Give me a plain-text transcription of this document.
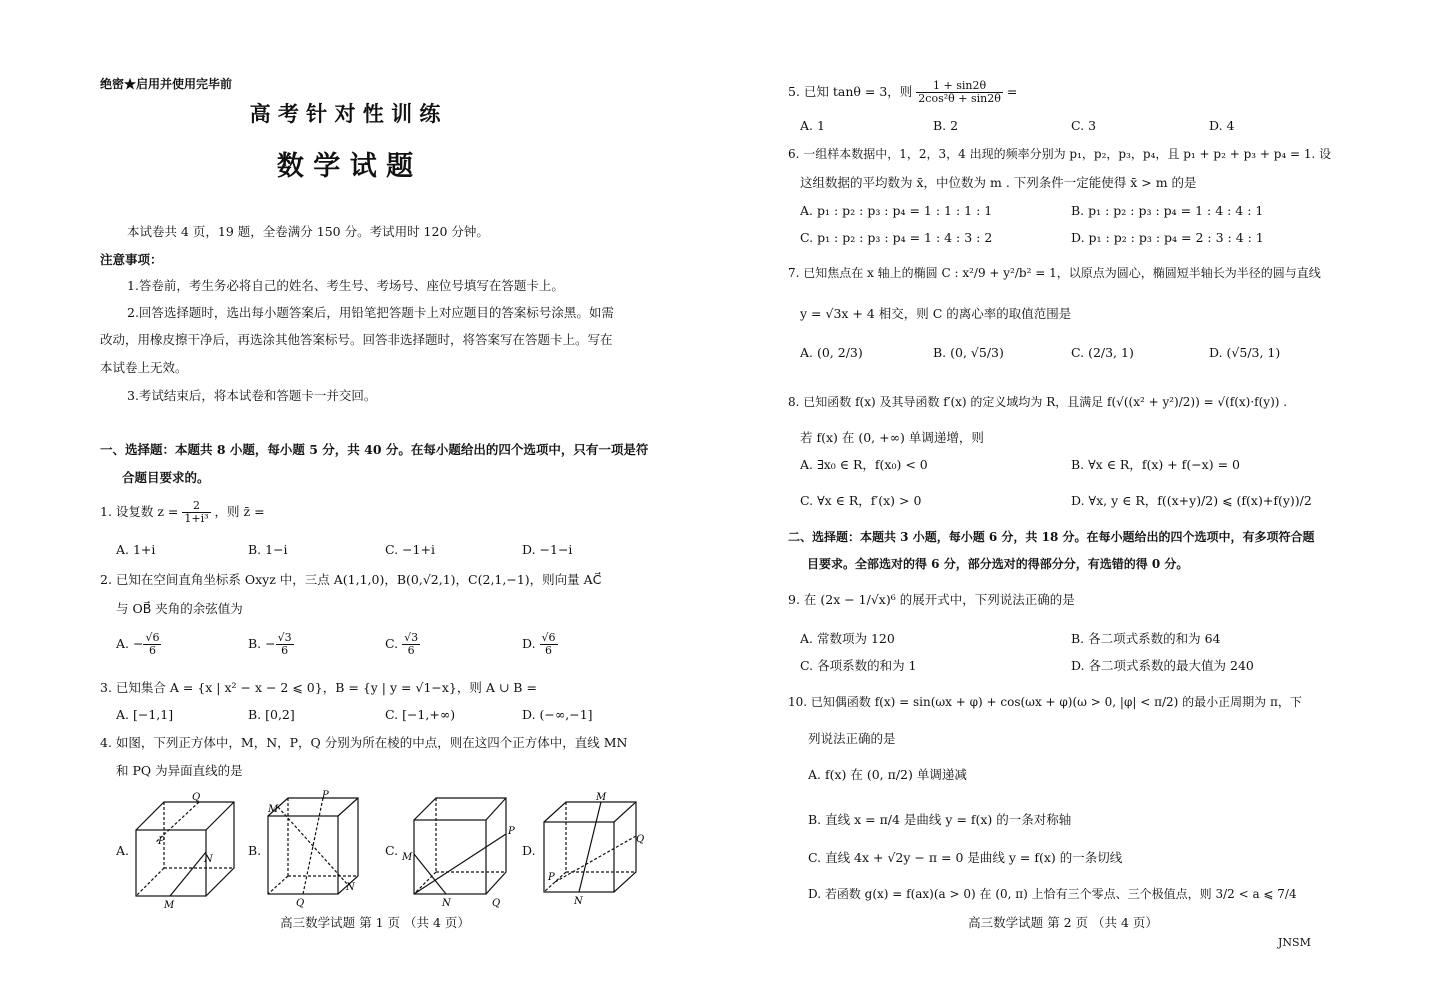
绝密★启用并使用完毕前
高 考 针 对 性 训 练
数 学 试 题
本试卷共 4 页，19 题，全卷满分 150 分。考试用时 120 分钟。
注意事项：
1.答卷前，考生务必将自己的姓名、考生号、考场号、座位号填写在答题卡上。
2.回答选择题时，选出每小题答案后，用铅笔把答题卡上对应题目的答案标号涂黑。如需
改动，用橡皮擦干净后，再选涂其他答案标号。回答非选择题时，将答案写在答题卡上。写在
本试卷上无效。
3.考试结束后，将本试卷和答题卡一并交回。
一、选择题：本题共 8 小题，每小题 5 分，共 40 分。在每小题给出的四个选项中，只有一项是符
合题目要求的。
1. 设复数 $z = \frac{2}{\text{1+i³}}$ ，则 z̄ =
A. 1+i	B. 1−i	C. −1+i	D. −1−i
2. 已知在空间直角坐标系 Oxyz 中，三点 A(1,1,0)，B(0,√2,1)，C(2,1,−1)，则向量 AC⃗
与 OB⃗ 夹角的余弦值为
A. − $\frac{√6}{6}$	B. − $\frac{√3}{6}$	C. $\frac{√3}{6}$	D. $\frac{√6}{6}$
3. 已知集合 A = {x | x² − x − 2 ⩽ 0}，B = {y | y = √1−x}，则 A ∪ B =
A. [−1,1]	B. [0,2]	C. [−1,+∞)	D. (−∞,−1]
4. 如图，下列正方体中，M，N，P，Q 分别为所在棱的中点，则在这四个正方体中，直线 MN
和 PQ 为异面直线的是
A.	B.	C.	D.
Q
P
N
M
M
P
Q
N
P
M
N	Q
M
Q
P
N
高三数学试题 第 1 页 （共 4 页）
5. 已知 tanθ = 3，则 $\frac{1 + \sin 2\theta}{\text{2cos²θ + sin2θ}}$ =
A. 1	B. 2	C. 3	D. 4
6. 一组样本数据中，1，2，3，4 出现的频率分别为 p₁，p₂，p₃，p₄，且 p₁ + p₂ + p₃ + p₄ = 1. 设
这组数据的平均数为 x̄，中位数为 m . 下列条件一定能使得 x̄ > m 的是
A. p₁ : p₂ : p₃ : p₄ = 1 : 1 : 1 : 1	B. p₁ : p₂ : p₃ : p₄ = 1 : 4 : 4 : 1
C. p₁ : p₂ : p₃ : p₄ = 1 : 4 : 3 : 2	D. p₁ : p₂ : p₃ : p₄ = 2 : 3 : 4 : 1
7. 已知焦点在 x 轴上的椭圆 C : x²/9 + y²/b² = 1，以原点为圆心，椭圆短半轴长为半径的圆与直线
y = √3x + 4 相交，则 C 的离心率的取值范围是
A. (0, 2/3)	B. (0, √5/3)	C. (2/3, 1)	D. (√5/3, 1)
8. 已知函数 f(x) 及其导函数 f′(x) 的定义域均为 R，且满足 f(√((x² + y²)/2)) = √(f(x)·f(y)) .
若 f(x) 在 (0, +∞) 单调递增，则
A. ∃x₀ ∈ R，f(x₀) < 0	B. ∀x ∈ R，f(x) + f(−x) = 0
C. ∀x ∈ R，f′(x) > 0	D. ∀x, y ∈ R，f((x+y)/2) ⩽ (f(x)+f(y))/2
二、选择题：本题共 3 小题，每小题 6 分，共 18 分。在每小题给出的四个选项中，有多项符合题
目要求。全部选对的得 6 分，部分选对的得部分分，有选错的得 0 分。
9. 在 (2x − 1/√x)⁶ 的展开式中，下列说法正确的是
A. 常数项为 120	B. 各二项式系数的和为 64
C. 各项系数的和为 1	D. 各二项式系数的最大值为 240
10. 已知偶函数 f(x) = sin(ωx + φ) + cos(ωx + φ)(ω > 0, |φ| < π/2) 的最小正周期为 π，下
列说法正确的是
A. f(x) 在 (0, π/2) 单调递减
B. 直线 x = π/4 是曲线 y = f(x) 的一条对称轴
C. 直线 4x + √2y − π = 0 是曲线 y = f(x) 的一条切线
D. 若函数 g(x) = f(ax)(a > 0) 在 (0, π) 上恰有三个零点、三个极值点，则 3/2 < a ⩽ 7/4
高三数学试题 第 2 页 （共 4 页）
JNSM
